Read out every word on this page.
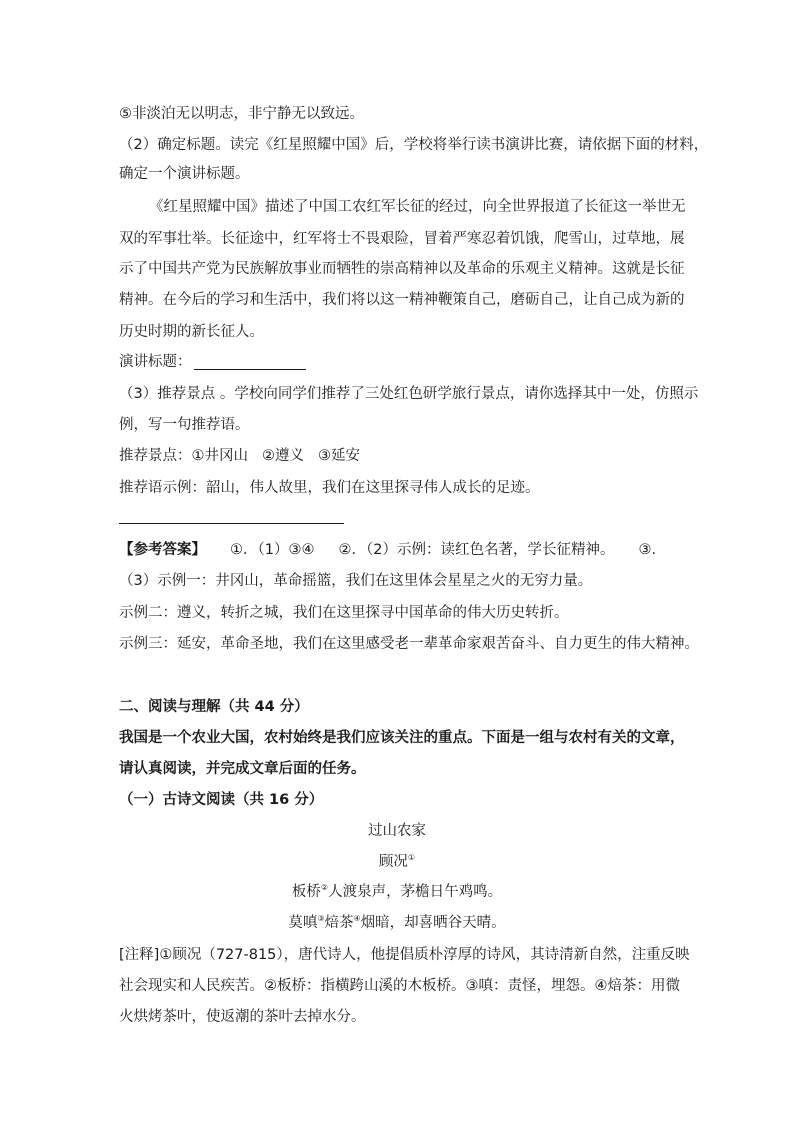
⑤非淡泊无以明志，非宁静无以致远。
（2）确定标题。读完《红星照耀中国》后，学校将举行读书演讲比赛，请依据下面的材料，
确定一个演讲标题。
《红星照耀中国》描述了中国工农红军长征的经过，向全世界报道了长征这一举世无
双的军事壮举。长征途中，红军将士不畏艰险，冒着严寒忍着饥饿，爬雪山，过草地，展
示了中国共产党为民族解放事业而牺牲的崇高精神以及革命的乐观主义精神。这就是长征
精神。在今后的学习和生活中，我们将以这一精神鞭策自己，磨砺自己，让自己成为新的
历史时期的新长征人。
演讲标题：
（3）推荐景点 。学校向同学们推荐了三处红色研学旅行景点，请你选择其中一处，仿照示
例，写一句推荐语。
推荐景点：①井冈山 ②遵义 ③延安
推荐语示例：韶山，伟人故里，我们在这里探寻伟人成长的足迹。
【参考答案】 ①．（1）③④ ②．（2）示例：读红色名著，学长征精神。 ③．
（3）示例一：井冈山，革命摇篮，我们在这里体会星星之火的无穷力量。
示例二：遵义，转折之城，我们在这里探寻中国革命的伟大历史转折。
示例三：延安，革命圣地，我们在这里感受老一辈革命家艰苦奋斗、自力更生的伟大精神。
二、阅读与理解（共 44 分）
我国是一个农业大国，农村始终是我们应该关注的重点。下面是一组与农村有关的文章，
请认真阅读，并完成文章后面的任务。
（一）古诗文阅读（共 16 分）
过山农家
顾况①
板桥②人渡泉声，茅檐日午鸡鸣。
莫嗔③焙茶④烟暗，却喜晒谷天晴。
[注释]①顾况（727-815），唐代诗人，他提倡质朴淳厚的诗风，其诗清新自然，注重反映
社会现实和人民疾苦。②板桥：指横跨山溪的木板桥。③嗔：责怪，埋怨。④焙茶：用微
火烘烤茶叶，使返潮的茶叶去掉水分。
